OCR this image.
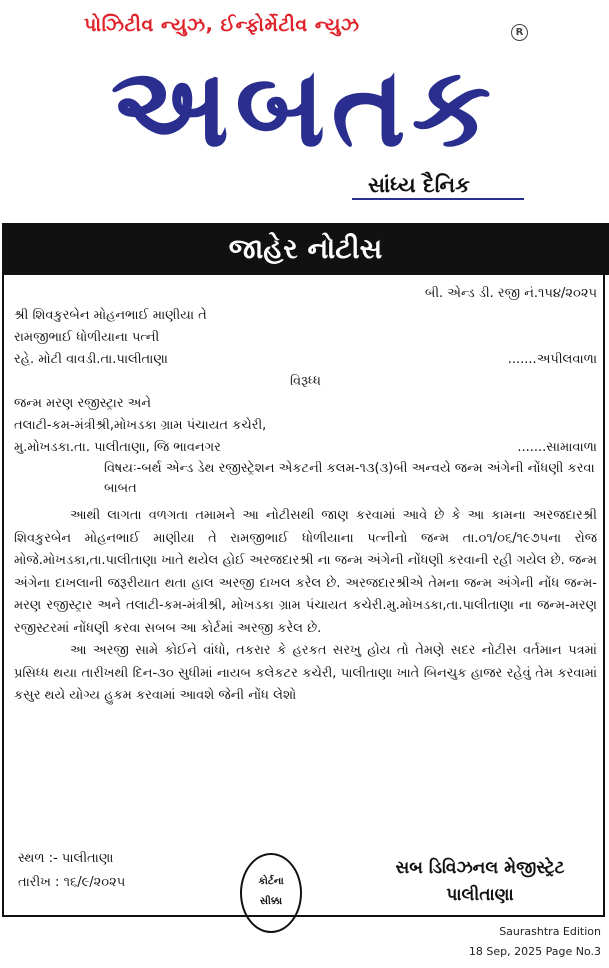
પોઝિટીવ ન્યુઝ, ઈન્ફોર્મેટીવ ન્યુઝ	R
અબતક
સાંધ્ય દૈનિક
જાહેર નોટીસ
બી. એન્ડ ડી. રજી નં.૧૫૪/૨૦૨૫
શ્રી શિવકુરબેન મોહનભાઈ માણીયા તે
રામજીભાઈ ધોળીયાના પત્ની
રહે. મોટી વાવડી.તા.પાલીતાણા	.......અપીલવાળા
વિરૂધ્ધ
જન્મ મરણ રજીસ્ટ્રાર અને
તલાટી-કમ-મંત્રીશ્રી,મોખડકા ગ્રામ પંચાયત કચેરી,
મુ.મોખડકા.તા. પાલીતાણા, જિ ભાવનગર	.......સામાવાળા
વિષયઃ-બર્થ એન્ડ ડેથ રજીસ્ટ્રેશન એકટની કલમ-૧૩(૩)બી અન્વયે જન્મ અંગેની નોંધણી કરવા બાબત
આથી લાગતા વળગતા તમામને આ નોટીસથી જાણ કરવામાં આવે છે કે આ કામના અરજદારશ્રી શિવકુરબેન મોહનભાઈ માણીયા તે રામજીભાઈ ધોળીયાના પત્નીનો જન્મ તા.૦૧/૦૬/૧૯૭૫ના રોજ મોજે.મોખડકા,તા.પાલીતાણા ખાતે થયેલ હોઈ અરજદારશ્રી ના જન્મ અંગેની નોંધણી કરવાની રહી ગયેલ છે. જન્મ અંગેના દાખલાની જરૂરીયાત થતા હાલ અરજી દાખલ કરેલ છે. અરજદારશ્રીએ તેમના જન્મ અંગેની નોંધ જન્મ-મરણ રજીસ્ટ્રાર અને તલાટી-કમ-મંત્રીશ્રી, મોખડકા ગ્રામ પંચાયત કચેરી.મુ.મોખડકા,તા.પાલીતાણા ના જન્મ-મરણ રજીસ્ટરમાં નોંધણી કરવા સબબ આ કોર્ટમાં અરજી કરેલ છે.
આ અરજી સામે કોઈને વાંધો, તકરાર કે હરકત સરખુ હોય તો તેમણે સદર નોટીસ વર્તમાન પત્રમાં પ્રસિધ્ધ થયા તારીખથી દિન-૩૦ સુધીમાં નાયબ કલેકટર કચેરી, પાલીતાણા ખાતે બિનચુક હાજર રહેવું તેમ કરવામાં કસુર થયે યોગ્ય હુકમ કરવામાં આવશે જેની નોંધ લેશો
સ્થળ :- પાલીતાણા
તારીખ : ૧૬/૯/૨૦૨૫	કોર્ટના
સીક્કા
સબ ડિવિઝનલ મેજીસ્ટ્રેટ
પાલીતાણા
Saurashtra Edition
18 Sep, 2025 Page No.3
